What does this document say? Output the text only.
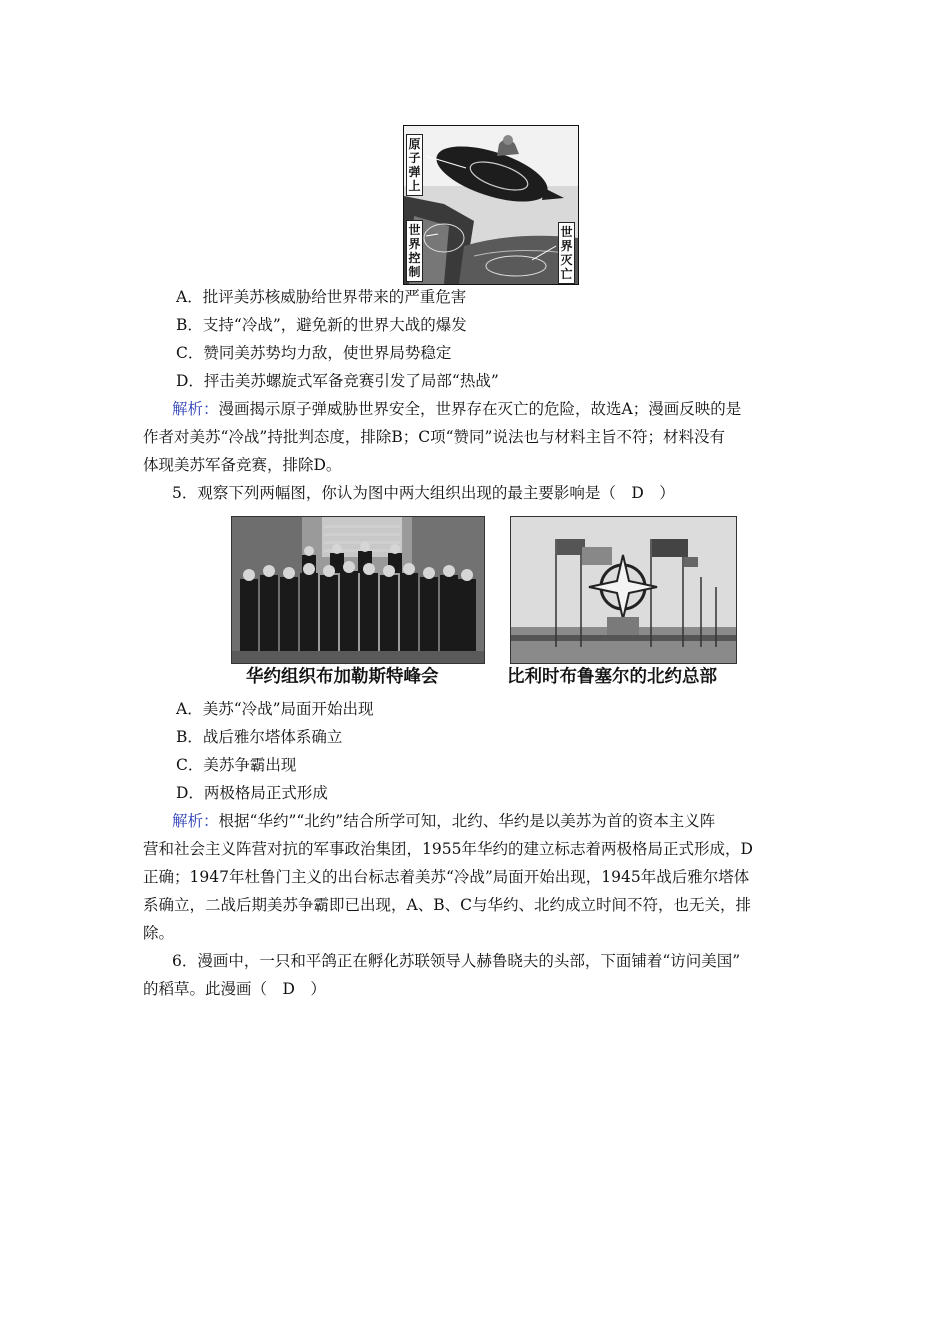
原子弹上
世界控制
世界灭亡
A．批评美苏核威胁给世界带来的严重危害
B．支持“冷战”，避免新的世界大战的爆发
C．赞同美苏势均力敌，使世界局势稳定
D．抨击美苏螺旋式军备竞赛引发了局部“热战”
解析：漫画揭示原子弹威胁世界安全，世界存在灭亡的危险，故选A；漫画反映的是
作者对美苏“冷战”持批判态度，排除B；C项“赞同”说法也与材料主旨不符；材料没有
体现美苏军备竞赛，排除D。
5．观察下列两幅图，你认为图中两大组织出现的最主要影响是（　D　）
华约组织布加勒斯特峰会	比利时布鲁塞尔的北约总部
A．美苏“冷战”局面开始出现
B．战后雅尔塔体系确立
C．美苏争霸出现
D．两极格局正式形成
解析：根据“华约”“北约”结合所学可知，北约、华约是以美苏为首的资本主义阵
营和社会主义阵营对抗的军事政治集团，1955年华约的建立标志着两极格局正式形成，D
正确；1947年杜鲁门主义的出台标志着美苏“冷战”局面开始出现，1945年战后雅尔塔体
系确立，二战后期美苏争霸即已出现，A、B、C与华约、北约成立时间不符，也无关，排
除。
6．漫画中，一只和平鸽正在孵化苏联领导人赫鲁晓夫的头部，下面铺着“访问美国”
的稻草。此漫画（　D　）
